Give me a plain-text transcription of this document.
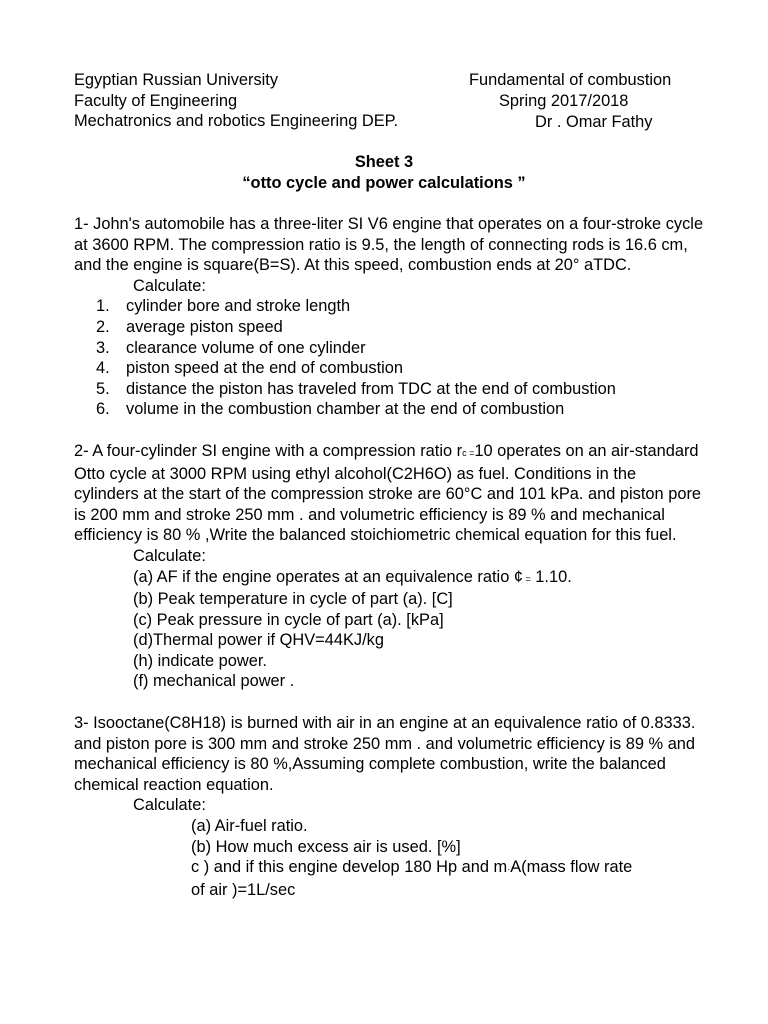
Egyptian Russian University
Faculty of Engineering
Mechatronics and robotics Engineering DEP.
Fundamental of combustion
Spring 2017/2018
Dr . Omar Fathy
Sheet 3
“otto cycle and power calculations ”

1- John's automobile has a three-liter SI V6 engine that operates on a four-stroke cycle at 3600 RPM. The compression ratio is 9.5, the length of connecting rods is 16.6 cm, and the engine is square(B=S). At this speed, combustion ends at 20° aTDC.

Calculate:
1. cylinder bore and stroke length
2. average piston speed
3. clearance volume of one cylinder
4. piston speed at the end of combustion
5. distance the piston has traveled from TDC at the end of combustion
6. volume in the combustion chamber at the end of combustion

2- A four-cylinder SI engine with a compression ratio rc =10 operates on an air-standard Otto cycle at 3000 RPM using ethyl alcohol(C2H6O) as fuel. Conditions in the cylinders at the start of the compression stroke are 60°C and 101 kPa. and piston pore is 200 mm and stroke 250 mm . and volumetric efficiency is 89 % and mechanical efficiency is 80 % ,Write the balanced stoichiometric chemical equation for this fuel.

Calculate:
(a) AF if the engine operates at an equivalence ratio ¢ = 1.10.
(b) Peak temperature in cycle of part (a). [C]
(c) Peak pressure in cycle of part (a). [kPa]
(d)Thermal power if QHV=44KJ/kg
(h) indicate power.
(f) mechanical power .

3- Isooctane(C8H18) is burned with air in an engine at an equivalence ratio of 0.8333. and piston pore is 300 mm and stroke 250 mm . and volumetric efficiency is 89 % and mechanical efficiency is 80 %,Assuming complete combustion, write the balanced chemical reaction equation.

Calculate:
(a) Air-fuel ratio.
(b) How much excess air is used. [%]
c ) and if this engine develop 180 Hp and m·A(mass flow rate
of air )=1L/sec
